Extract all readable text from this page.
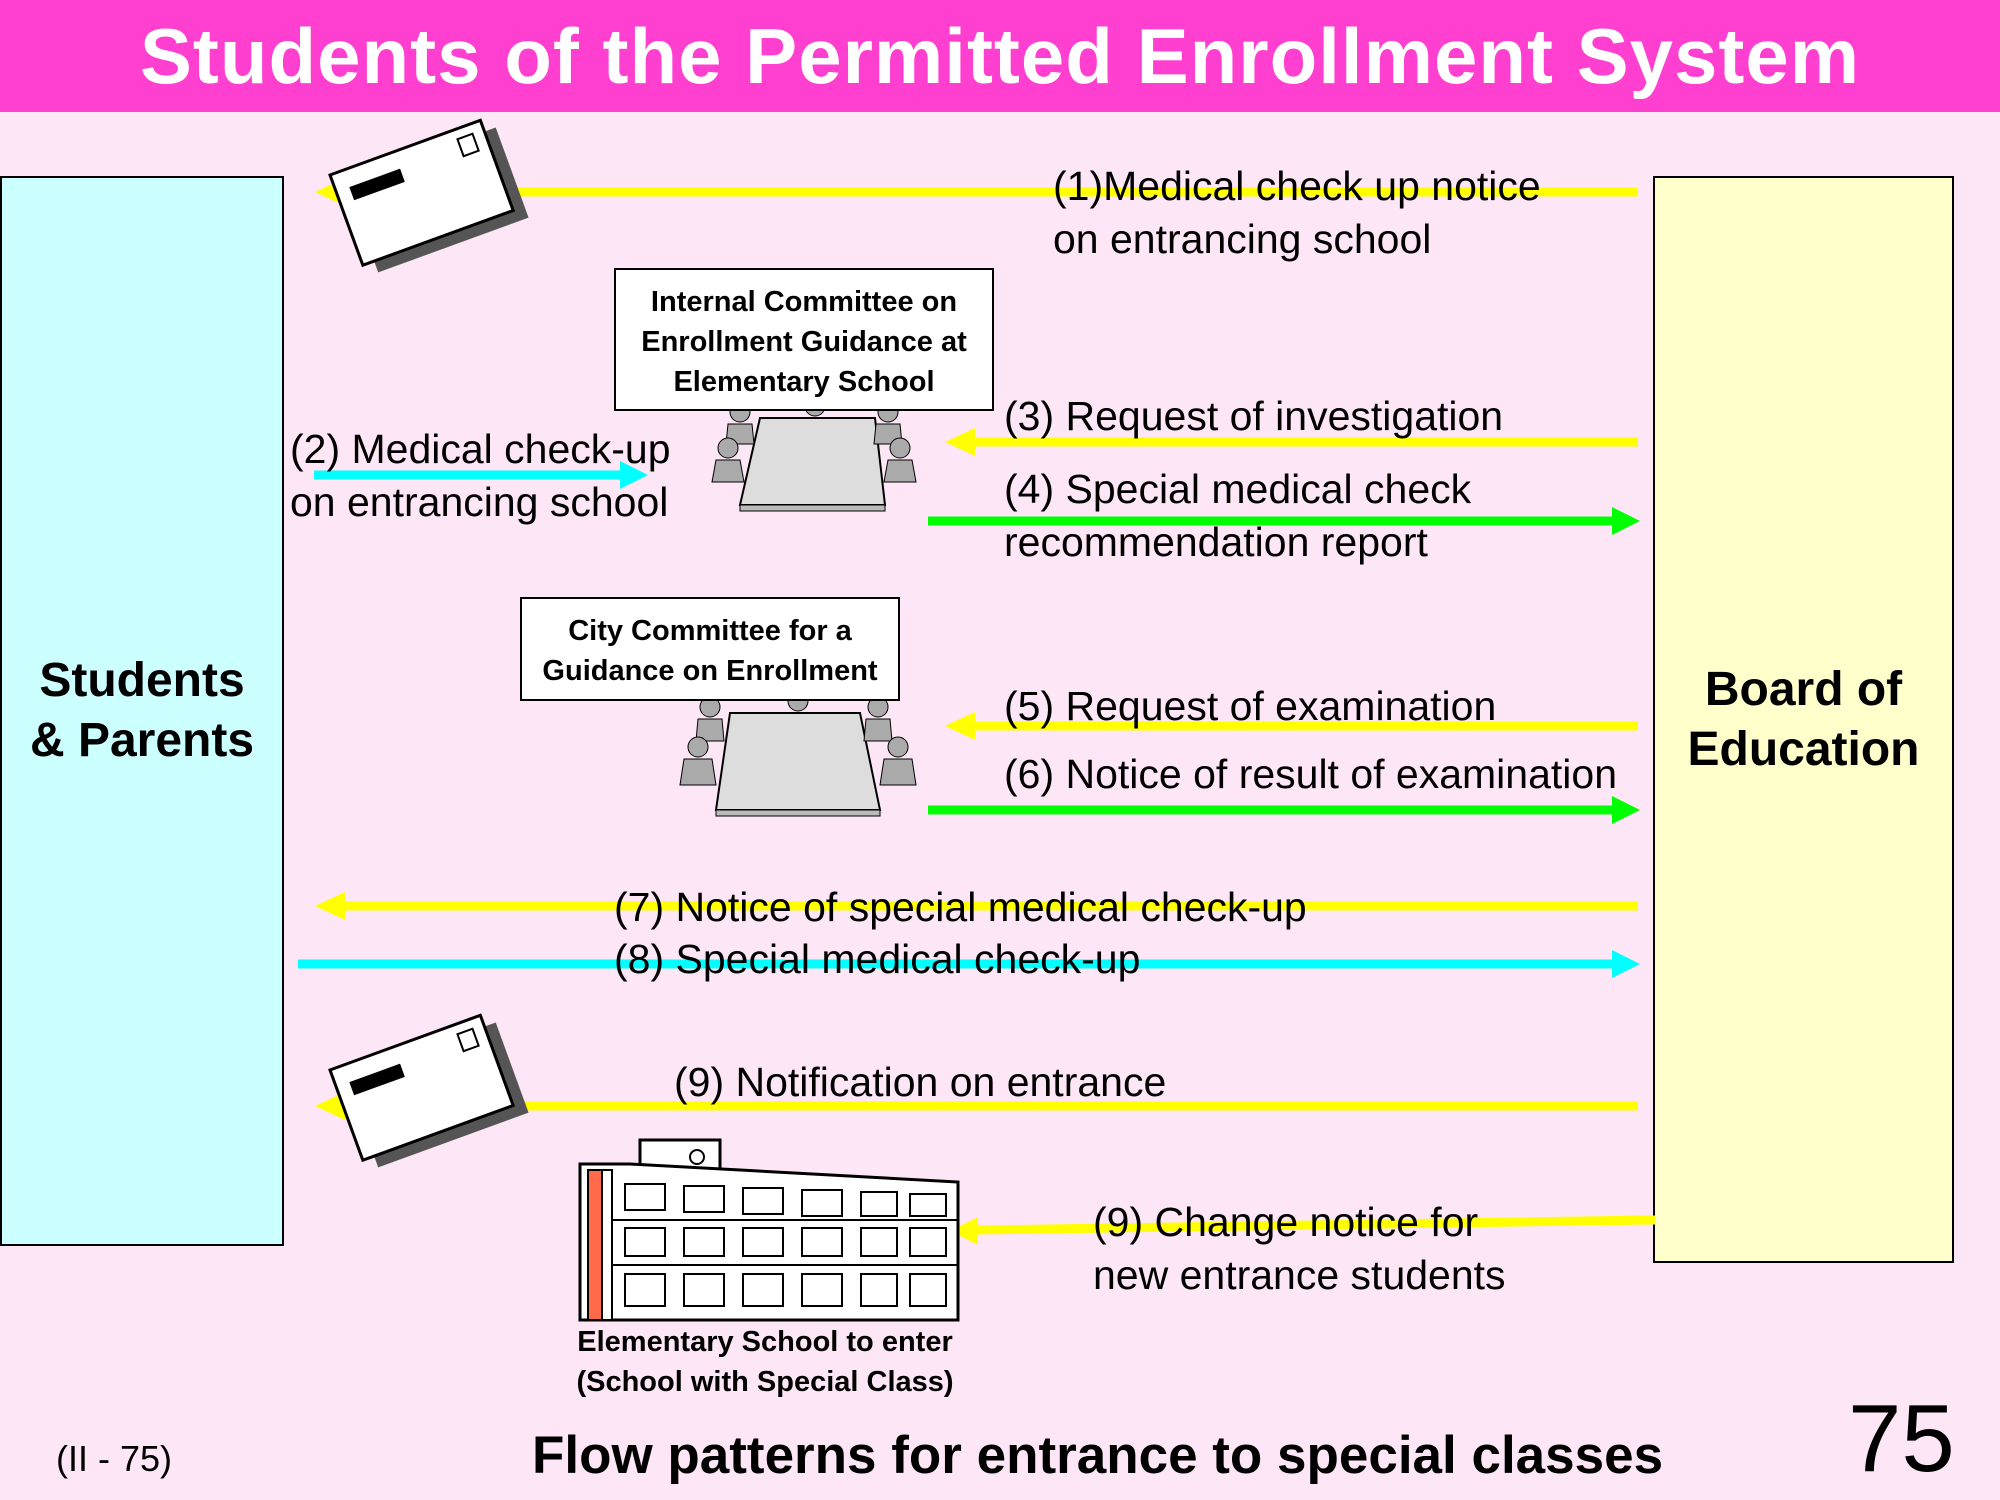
Students of the Permitted Enrollment System
Students
& Parents
Board of
Education
Internal Committee on
Enrollment Guidance at
Elementary School
City Committee for a
Guidance on Enrollment
(1)Medical check up notice
on entrancing school
(2) Medical check-up
on entrancing school
(3) Request of investigation
(4) Special medical check
recommendation report
(5) Request of examination
(6) Notice of result of examination
(7) Notice of special medical check-up
(8) Special medical check-up
(9) Notification on entrance
(9) Change notice for
new entrance students
Elementary School to enter
(School with Special Class)
(II - 75)	Flow patterns for entrance to special classes 75
